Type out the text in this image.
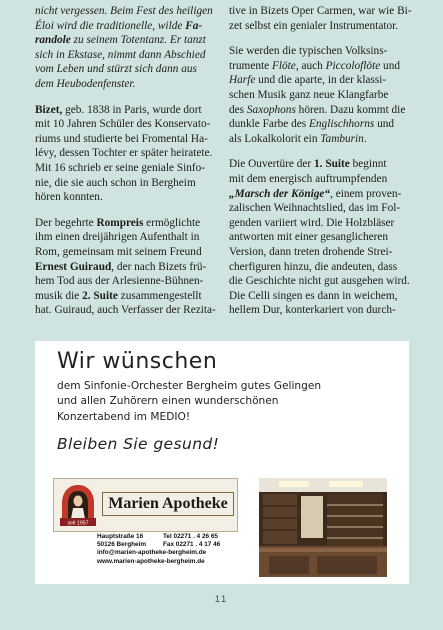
nicht vergessen. Beim Fest des heiligen
Éloi wird die traditionelle, wilde Fa-
randole zu seinem Totentanz. Er tanzt
sich in Ekstase, nimmt dann Abschied
vom Leben und stürzt sich dann aus
dem Heubodenfenster.

Bizet, geb. 1838 in Paris, wurde dort
mit 10 Jahren Schüler des Konservato-
riums und studierte bei Fromental Ha-
lévy, dessen Tochter er später heiratete.
Mit 16 schrieb er seine geniale Sinfo-
nie, die sie auch schon in Bergheim
hören konnten.

Der begehrte Rompreis ermöglichte
ihm einen dreijährigen Aufenthalt in
Rom, gemeinsam mit seinem Freund
Ernest Guiraud, der nach Bizets frü-
hem Tod aus der Arlesienne-Bühnen-
musik die 2. Suite zusammengestellt
hat. Guiraud, auch Verfasser der Rezita-

tive in Bizets Oper Carmen, war wie Bi-
zet selbst ein genialer Instrumentator.

Sie werden die typischen Volksins-
trumente Flöte, auch Piccoloflöte und
Harfe und die aparte, in der klassi-
schen Musik ganz neue Klangfarbe
des Saxophons hören. Dazu kommt die
dunkle Farbe des Englischhorns und
als Lokalkolorit ein Tamburin.

Die Ouvertüre der 1. Suite beginnt
mit dem energisch auftrumpfenden
„Marsch der Könige“, einem proven-
zalischen Weihnachtslied, das im Fol-
genden variiert wird. Die Holzbläser
antworten mit einer gesanglicheren
Version, dann treten drohende Strei-
cherfiguren hinzu, die andeuten, dass
die Geschichte nicht gut ausgehen wird.
Die Celli singen es dann in weichem,
hellem Dur, konterkariert von durch-

Wir wünschen
dem Sinfonie-Orchester Bergheim gutes Gelingen
und allen Zuhörern einen wunderschönen
Konzertabend im MEDIO!
Bleiben Sie gesund!
seit 1957
Marien Apotheke
Hauptstraße 16	Tel 02271 . 4 26 65
50126 Bergheim	Fax 02271 . 4 17 46
info@marien-apotheke-bergheim.de
www.marien-apotheke-bergheim.de
11
